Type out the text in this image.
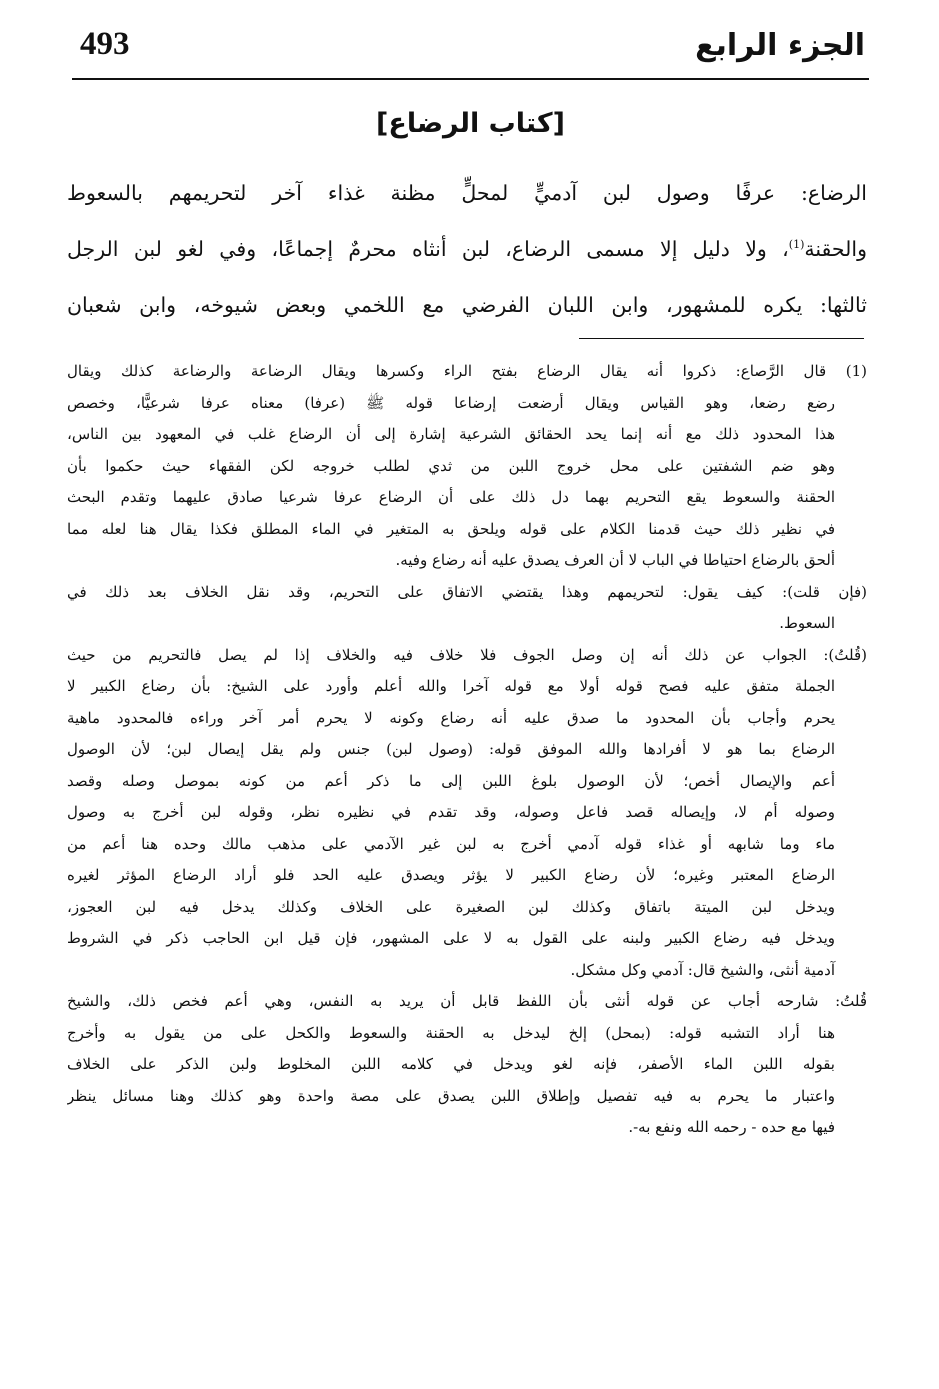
493	الجزء الرابع
[كتاب الرضاع]
الرضاع: عرفًا وصول لبن آدميٍّ لمحلٍّ مظنة غذاء آخر لتحريمهم بالسعوط
والحقنة$^{(1)}$، ولا دليل إلا مسمى الرضاع، لبن أنثاه محرمٌ إجماعًا، وفي لغو لبن الرجل
ثالثها: يكره للمشهور، وابن اللبان الفرضي مع اللخمي وبعض شيوخه، وابن شعبان
(1) قال الرَّصاع: ذكروا أنه يقال الرضاع بفتح الراء وكسرها ويقال الرضاعة والرضاعة كذلك ويقال
رضع رضعا، وهو القياس ويقال أرضعت إرضاعا قوله ﷺ (عرفا) معناه عرفا شرعيًّا، وخصص
هذا المحدود ذلك مع أنه إنما يحد الحقائق الشرعية إشارة إلى أن الرضاع غلب في المعهود بين الناس،
وهو ضم الشفتين على محل خروج اللبن من ثدي لطلب خروجه لكن الفقهاء حيث حكموا بأن
الحقنة والسعوط يقع التحريم بهما دل ذلك على أن الرضاع عرفا شرعيا صادق عليهما وتقدم البحث
في نظير ذلك حيث قدمنا الكلام على قوله ويلحق به المتغير في الماء المطلق فكذا يقال هنا لعله مما
ألحق بالرضاع احتياطا في الباب لا أن العرف يصدق عليه أنه رضاع وفيه.
(فإن قلت): كيف يقول: لتحريمهم وهذا يقتضي الاتفاق على التحريم، وقد نقل الخلاف بعد ذلك في
السعوط.
(قُلتُ): الجواب عن ذلك أنه إن وصل الجوف فلا خلاف فيه والخلاف إذا لم يصل فالتحريم من حيث
الجملة متفق عليه فصح قوله أولا مع قوله آخرا والله أعلم وأورد على الشيخ: بأن رضاع الكبير لا
يحرم وأجاب بأن المحدود ما صدق عليه أنه رضاع وكونه لا يحرم أمر آخر وراءه فالمحدود ماهية
الرضاع بما هو لا أفرادها والله الموفق قوله: (وصول لبن) جنس ولم يقل إيصال لبن؛ لأن الوصول
أعم والإيصال أخص؛ لأن الوصول بلوغ اللبن إلى ما ذكر أعم من كونه بموصل وصله وقصد
وصوله أم لا، وإيصاله قصد فاعل وصوله، وقد تقدم في نظيره نظر، وقوله لبن أخرج به وصول
ماء وما شابهه أو غذاء قوله آدمي أخرج به لبن غير الآدمي على مذهب مالك وحده هنا أعم من
الرضاع المعتبر وغيره؛ لأن رضاع الكبير لا يؤثر ويصدق عليه الحد فلو أراد الرضاع المؤثر لغيره
ويدخل لبن الميتة باتفاق وكذلك لبن الصغيرة على الخلاف وكذلك يدخل فيه لبن العجوز،
ويدخل فيه رضاع الكبير ولبنه على القول به لا على المشهور، فإن قيل ابن الحاجب ذكر في الشروط
آدمية أنثى، والشيخ قال: آدمي وكل مشكل.
قُلتُ: شارحه أجاب عن قوله أنثى بأن اللفظ قابل أن يريد به النفس، وهي أعم فخص ذلك، والشيخ
هنا أراد التشبه قوله: (بمحل) إلخ ليدخل به الحقنة والسعوط والكحل على من يقول به وأخرج
بقوله اللبن الماء الأصفر، فإنه لغو ويدخل في كلامه اللبن المخلوط ولبن الذكر على الخلاف
واعتبار ما يحرم به فيه تفصيل وإطلاق اللبن يصدق على مصة واحدة وهو كذلك وهنا مسائل ينظر
فيها مع حده - رحمه الله ونفع به-.
